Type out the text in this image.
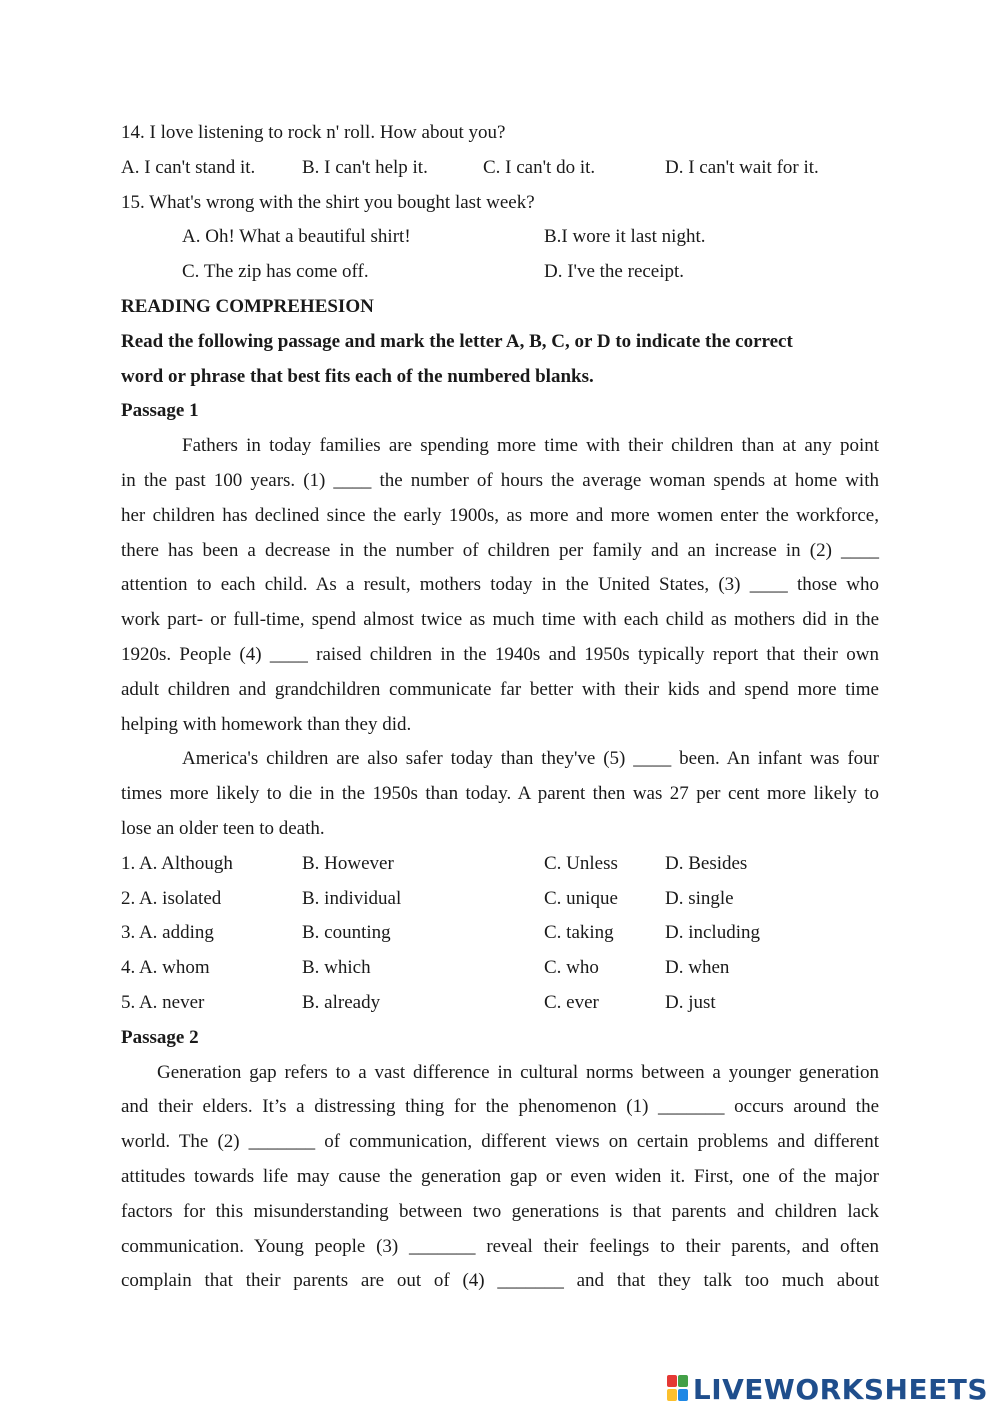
14. I love listening to rock n' roll. How about you?
A. I can't stand it. B. I can't help it.	C. I can't do it.	D. I can't wait for it.
15. What's wrong with the shirt you bought last week?
A. Oh! What a beautiful shirt!	B.I wore it last night.
C. The zip has come off.	D. I've the receipt.
READING COMPREHESION
Read the following passage and mark the letter A, B, C, or D to indicate the correct
word or phrase that best fits each of the numbered blanks.
Passage 1
Fathers in today families are spending more time with their children than at any point
in the past 100 years. (1) ____ the number of hours the average woman spends at home with
her children has declined since the early 1900s, as more and more women enter the workforce,
there has been a decrease in the number of children per family and an increase in (2) ____
attention to each child. As a result, mothers today in the United States, (3) ____ those who
work part- or full-time, spend almost twice as much time with each child as mothers did in the
1920s. People (4) ____ raised children in the 1940s and 1950s typically report that their own
adult children and grandchildren communicate far better with their kids and spend more time
helping with homework than they did.
America's children are also safer today than they've (5) ____ been. An infant was four
times more likely to die in the 1950s than today. A parent then was 27 per cent more likely to
lose an older teen to death.
1. A. Although	B. However	C. Unless D. Besides
2. A. isolated	B. individual	C. unique D. single
3. A. adding	B. counting	C. taking	D. including
4. A. whom	B. which	C. who	D. when
5. A. never	B. already	C. ever	D. just
Passage 2
Generation gap refers to a vast difference in cultural norms between a younger generation
and their elders. It’s a distressing thing for the phenomenon (1) _______ occurs around the
world. The (2) _______ of communication, different views on certain problems and different
attitudes towards life may cause the generation gap or even widen it. First, one of the major
factors for this misunderstanding between two generations is that parents and children lack
communication. Young people (3) _______ reveal their feelings to their parents, and often
complain that their parents are out of (4) _______ and that they talk too much about
LIVEWORKSHEETS
